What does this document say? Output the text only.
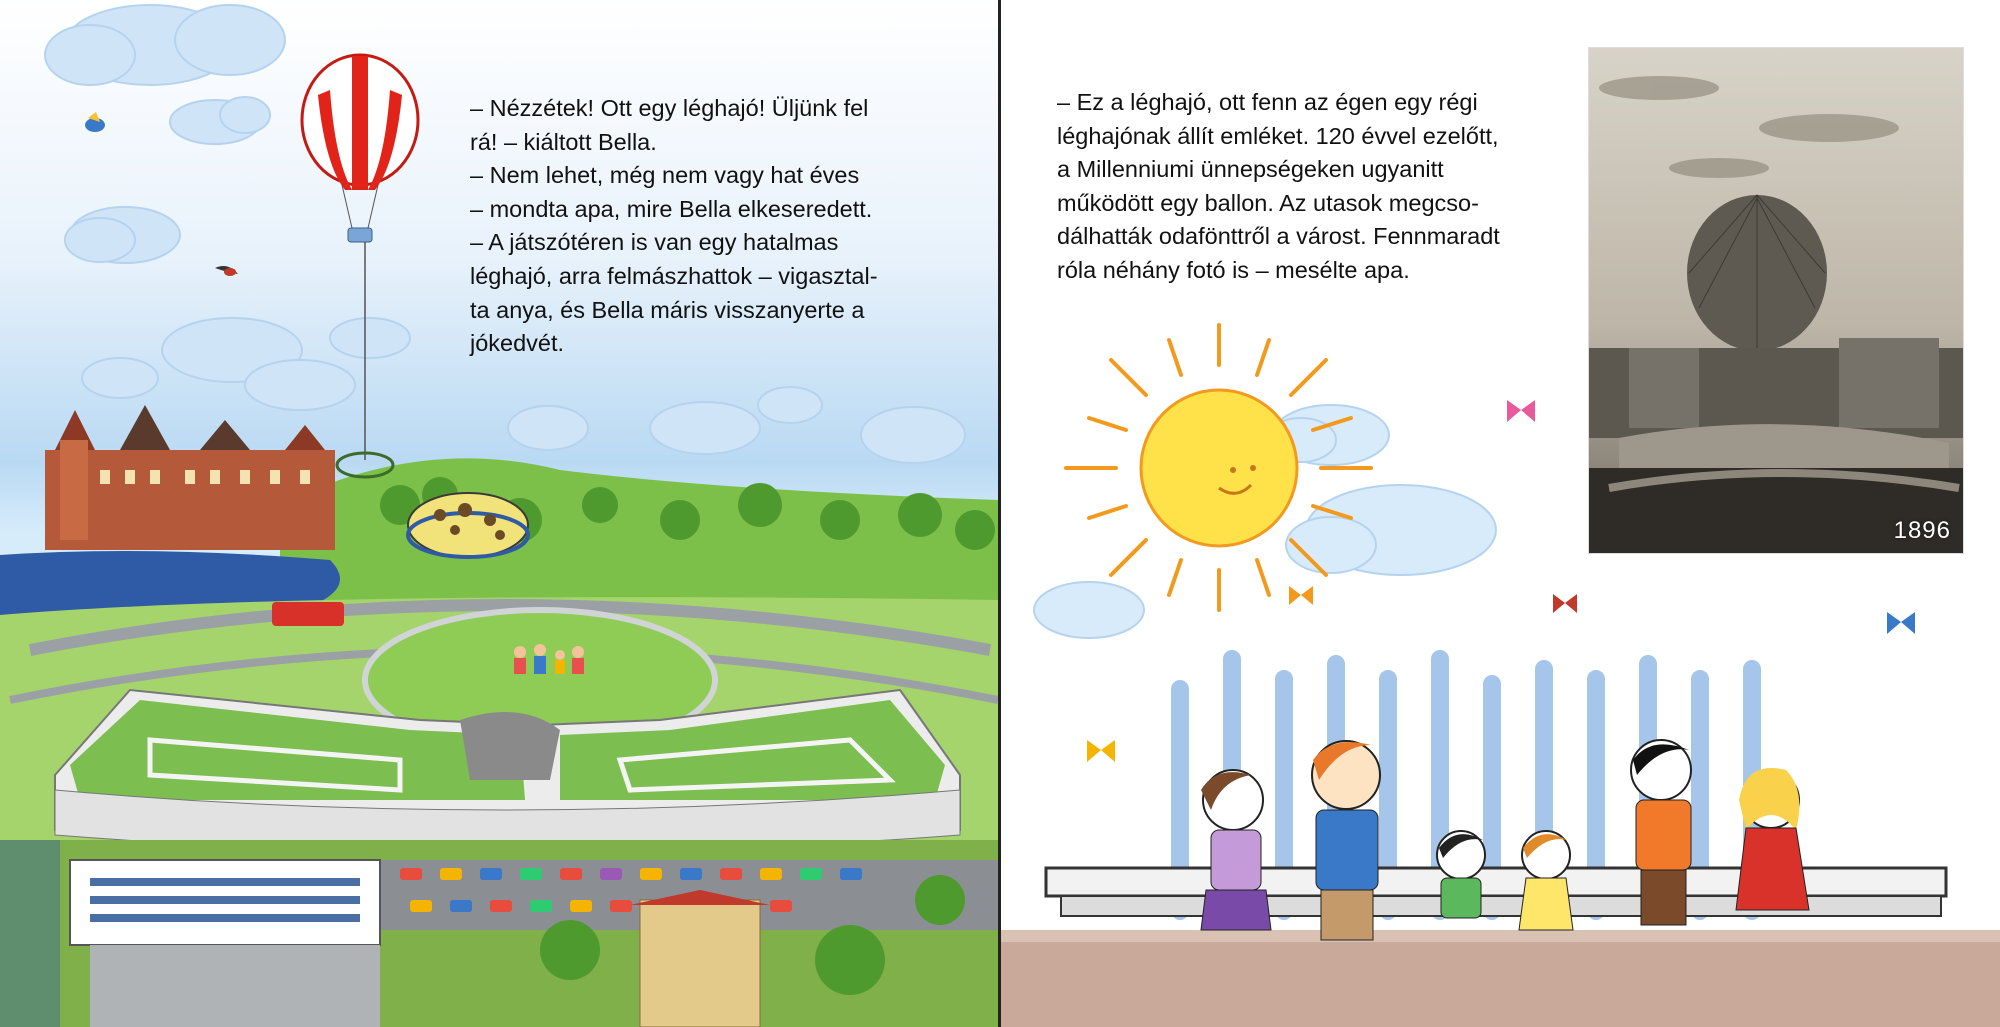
– Nézzétek! Ott egy léghajó! Üljünk fel

rá! – kiáltott Bella.

– Nem lehet, még nem vagy hat éves

– mondta apa, mire Bella elkeseredett.

– A játszótéren is van egy hatalmas

léghajó, arra felmászhattok – vigasztal-

ta anya, és Bella máris visszanyerte a

jókedvét.

– Ez a léghajó, ott fenn az égen egy régi

léghajónak állít emléket. 120 évvel ezelőtt,

a Millenniumi ünnepségeken ugyanitt

működött egy ballon. Az utasok megcso-

dálhatták odafönttről a várost. Fennmaradt

róla néhány fotó is – mesélte apa.

1896
